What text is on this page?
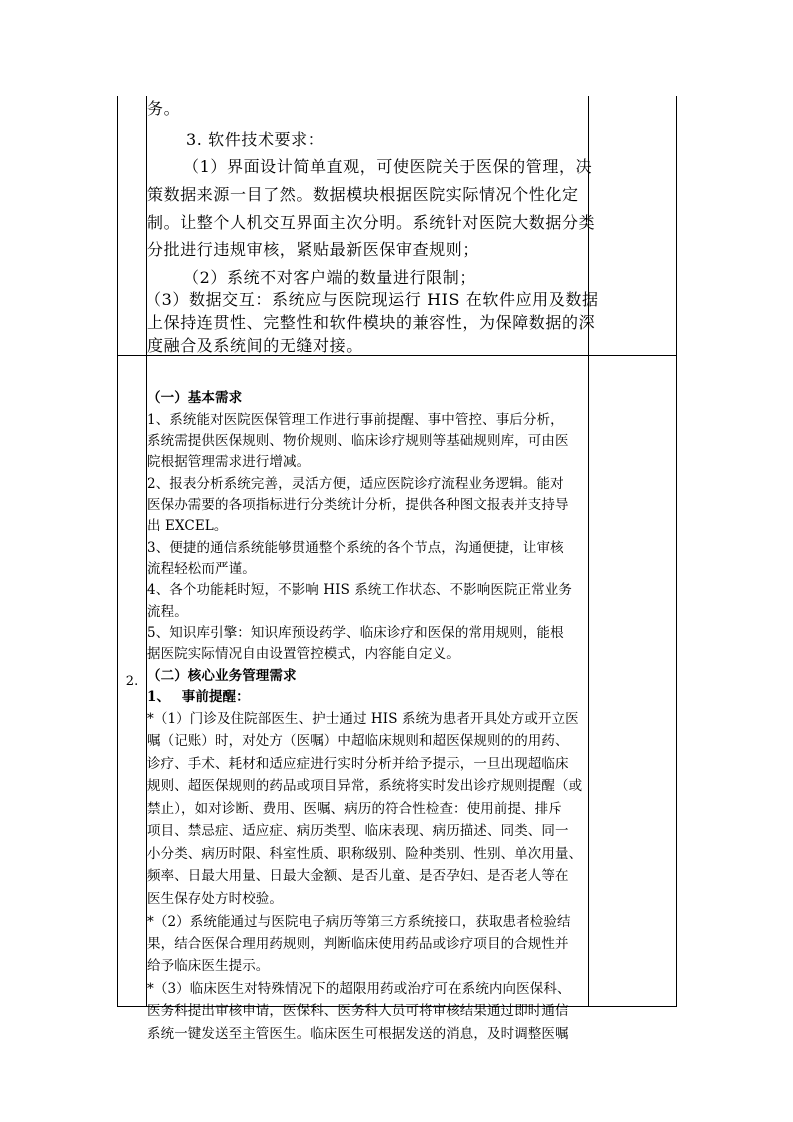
务。
3. 软件技术要求：
（1）界面设计简单直观，可使医院关于医保的管理，决
策数据来源一目了然。数据模块根据医院实际情况个性化定
制。让整个人机交互界面主次分明。系统针对医院大数据分类
分批进行违规审核，紧贴最新医保审查规则；
（2）系统不对客户端的数量进行限制；
（3）数据交互：系统应与医院现运行 HIS 在软件应用及数据
上保持连贯性、完整性和软件模块的兼容性，为保障数据的深
度融合及系统间的无缝对接。
2.
（一）基本需求
1、系统能对医院医保管理工作进行事前提醒、事中管控、事后分析，
系统需提供医保规则、物价规则、临床诊疗规则等基础规则库，可由医
院根据管理需求进行增减。
2、报表分析系统完善，灵活方便，适应医院诊疗流程业务逻辑。能对
医保办需要的各项指标进行分类统计分析，提供各种图文报表并支持导
出 EXCEL。
3、便捷的通信系统能够贯通整个系统的各个节点，沟通便捷，让审核
流程轻松而严谨。
4、各个功能耗时短，不影响 HIS 系统工作状态、不影响医院正常业务
流程。
5、知识库引擎：知识库预设药学、临床诊疗和医保的常用规则，能根
据医院实际情况自由设置管控模式，内容能自定义。
（二）核心业务管理需求
1、　 事前提醒：
*（1）门诊及住院部医生、护士通过 HIS 系统为患者开具处方或开立医
嘱（记账）时，对处方（医嘱）中超临床规则和超医保规则的的用药、
诊疗、手术、耗材和适应症进行实时分析并给予提示，一旦出现超临床
规则、超医保规则的药品或项目异常，系统将实时发出诊疗规则提醒（或
禁止），如对诊断、费用、医嘱、病历的符合性检查：使用前提、排斥
项目、禁忌症、适应症、病历类型、临床表现、病历描述、同类、同一
小分类、病历时限、科室性质、职称级别、险种类别、性别、单次用量、
频率、日最大用量、日最大金额、是否儿童、是否孕妇、是否老人等在
医生保存处方时校验。
*（2）系统能通过与医院电子病历等第三方系统接口，获取患者检验结
果，结合医保合理用药规则，判断临床使用药品或诊疗项目的合规性并
给予临床医生提示。
*（3）临床医生对特殊情况下的超限用药或治疗可在系统内向医保科、
医务科提出审核申请，医保科、医务科人员可将审核结果通过即时通信
系统一键发送至主管医生。临床医生可根据发送的消息，及时调整医嘱
